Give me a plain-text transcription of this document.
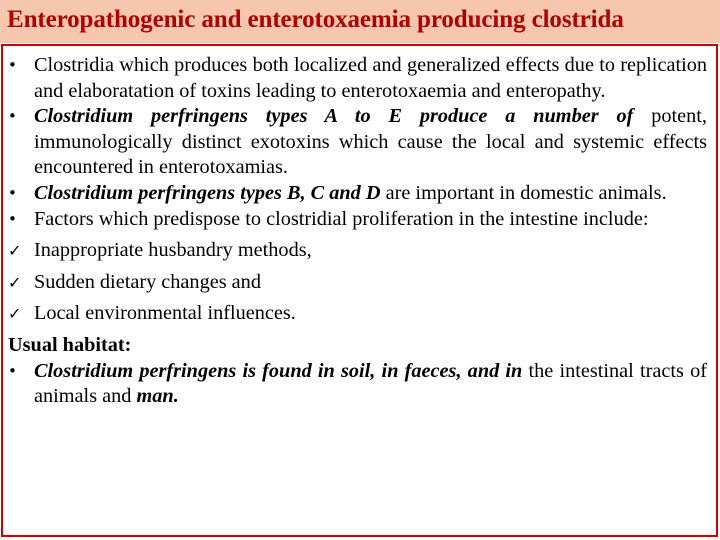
Enteropathogenic and enterotoxaemia producing clostrida
• Clostridia which produces both localized and generalized effects due to replication and elaboratation of toxins leading to enterotoxaemia and enteropathy.
• Clostridium perfringens types A to E produce a number of potent, immunologically distinct exotoxins which cause the local and systemic effects encountered in enterotoxamias.
• Clostridium perfringens types B, C and D are important in domestic animals.
• Factors which predispose to clostridial proliferation in the intestine include:
✓ Inappropriate husbandry methods,
✓ Sudden dietary changes and
✓ Local environmental influences.
Usual habitat:
• Clostridium perfringens is found in soil, in faeces, and in the intestinal tracts of animals and man.
